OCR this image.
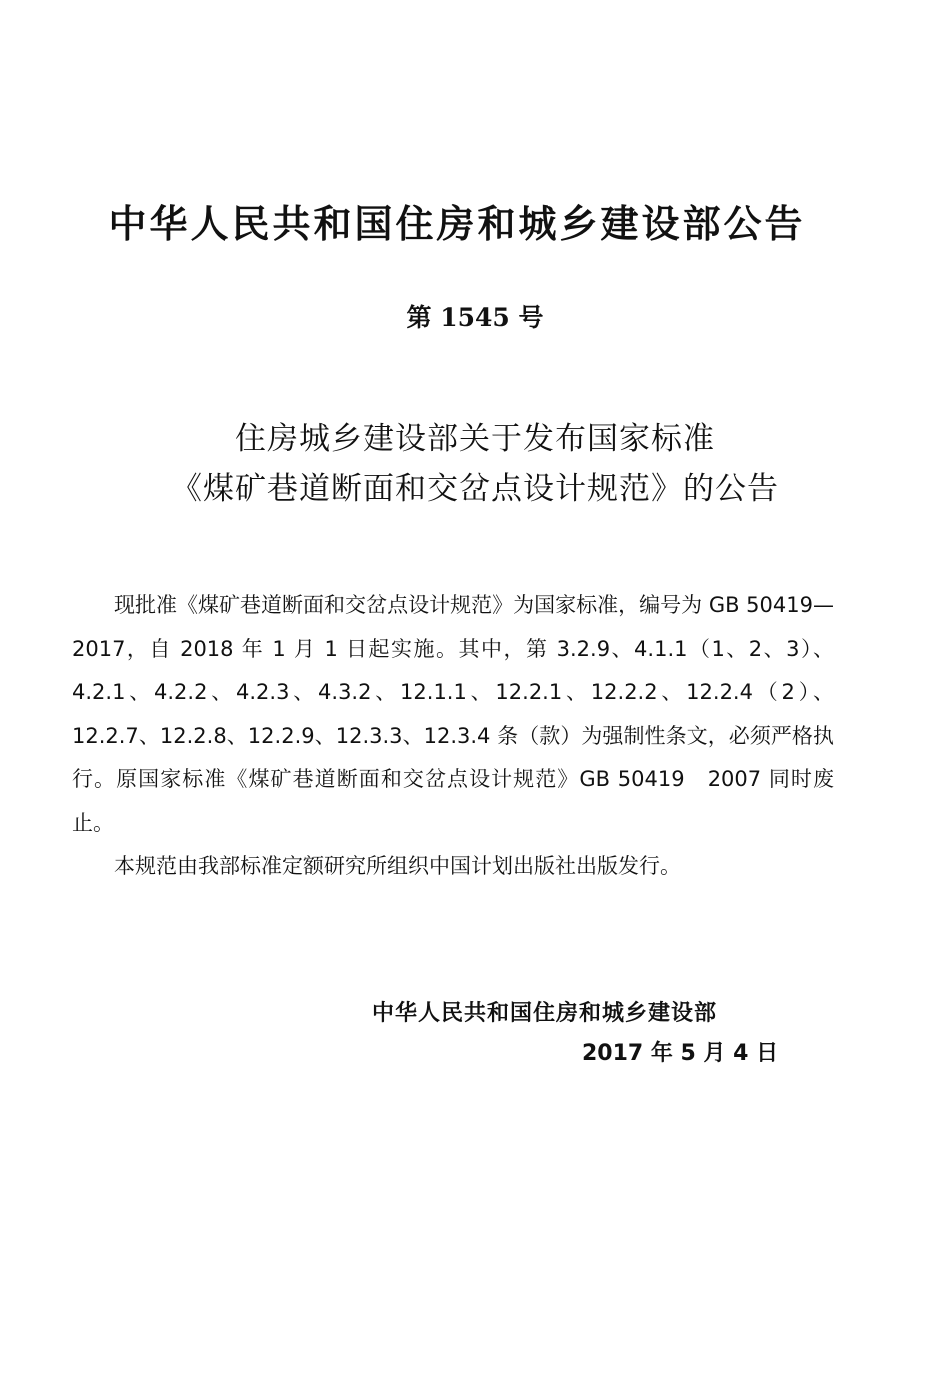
中华人民共和国住房和城乡建设部公告
第 1545 号
住房城乡建设部关于发布国家标准
《煤矿巷道断面和交岔点设计规范》的公告

现批准《煤矿巷道断面和交岔点设计规范》为国家标准，编号为 GB 50419—2017，自 2018 年 1 月 1 日起实施。其中，第 3.2.9、4.1.1（1、2、3）、4.2.1、4.2.2、4.2.3、4.3.2、12.1.1、12.2.1、12.2.2、12.2.4（2）、12.2.7、12.2.8、12.2.9、12.3.3、12.3.4 条（款）为强制性条文，必须严格执行。原国家标准《煤矿巷道断面和交岔点设计规范》GB 50419　2007 同时废止。

本规范由我部标准定额研究所组织中国计划出版社出版发行。

中华人民共和国住房和城乡建设部
2017 年 5 月 4 日
